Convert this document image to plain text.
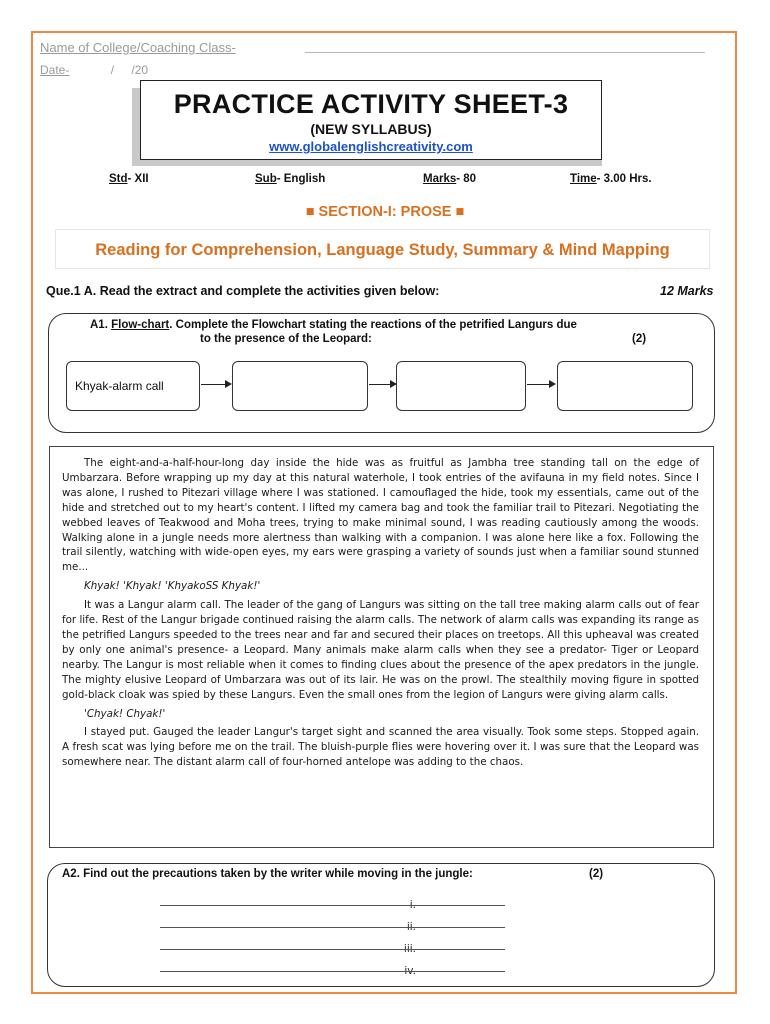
Name of College/Coaching Class-
Date-	/ /20
PRACTICE ACTIVITY SHEET-3
(NEW SYLLABUS)
www.globalenglishcreativity.com
Std- XII	Sub- English	Marks- 80	Time- 3.00 Hrs.
■ SECTION-I: PROSE ■
Reading for Comprehension, Language Study, Summary & Mind Mapping
Que.1 A. Read the extract and complete the activities given below:	12 Marks
A1. Flow-chart. Complete the Flowchart stating the reactions of the petrified Langurs due
to the presence of the Leopard:	(2)
Khyak-alarm call

The eight-and-a-half-hour-long day inside the hide was as fruitful as Jambha tree standing tall on the edge of Umbarzara. Before wrapping up my day at this natural waterhole, I took entries of the avifauna in my field notes. Since I was alone, I rushed to Pitezari village where I was stationed. I camouflaged the hide, took my essentials, came out of the hide and stretched out to my heart's content. I lifted my camera bag and took the familiar trail to Pitezari. Negotiating the webbed leaves of Teakwood and Moha trees, trying to make minimal sound, I was reading cautiously among the woods. Walking alone in a jungle needs more alertness than walking with a companion. I was alone here like a fox. Following the trail silently, watching with wide-open eyes, my ears were grasping a variety of sounds just when a familiar sound stunned me...

Khyak! 'Khyak! 'KhyakoSS Khyak!'

It was a Langur alarm call. The leader of the gang of Langurs was sitting on the tall tree making alarm calls out of fear for life. Rest of the Langur brigade continued raising the alarm calls. The network of alarm calls was expanding its range as the petrified Langurs speeded to the trees near and far and secured their places on treetops. All this upheaval was created by only one animal's presence- a Leopard. Many animals make alarm calls when they see a predator- Tiger or Leopard nearby. The Langur is most reliable when it comes to finding clues about the presence of the apex predators in the jungle. The mighty elusive Leopard of Umbarzara was out of its lair. He was on the prowl. The stealthily moving figure in spotted gold-black cloak was spied by these Langurs. Even the small ones from the legion of Langurs were giving alarm calls.

'Chyak! Chyak!'

I stayed put. Gauged the leader Langur's target sight and scanned the area visually. Took some steps. Stopped again. A fresh scat was lying before me on the trail. The bluish-purple flies were hovering over it. I was sure that the Leopard was somewhere near. The distant alarm call of four-horned antelope was adding to the chaos.

A2. Find out the precautions taken by the writer while moving in the jungle:	(2)
i.
ii.
iii.
iv.
